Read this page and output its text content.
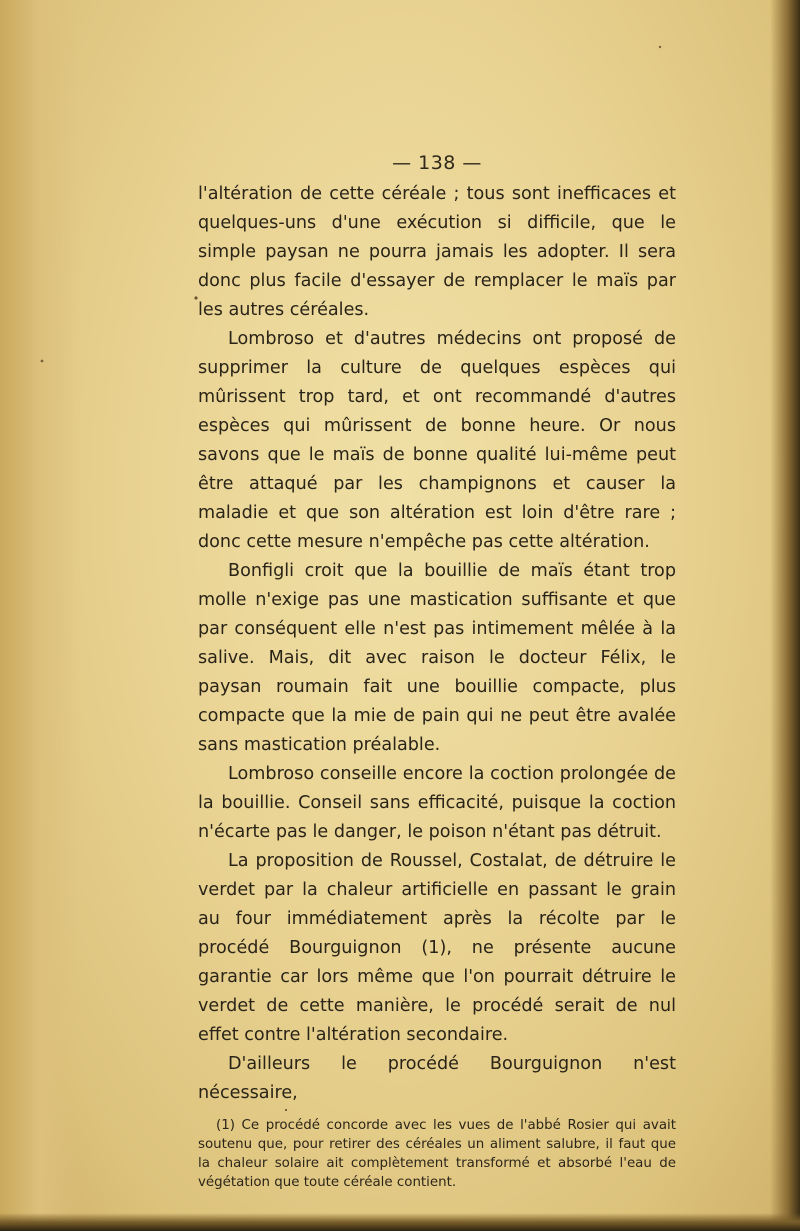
— 138 —

l'altération de cette céréale ; tous sont inefficaces et quelques-uns d'une exécution si difficile, que le simple paysan ne pourra jamais les adopter. Il sera donc plus facile d'essayer de remplacer le maïs par les autres céréales.

Lombroso et d'autres médecins ont proposé de supprimer la culture de quelques espèces qui mûrissent trop tard, et ont recommandé d'autres espèces qui mûrissent de bonne heure. Or nous savons que le maïs de bonne qualité lui-même peut être attaqué par les champignons et causer la maladie et que son altération est loin d'être rare ; donc cette mesure n'empêche pas cette altération.

Bonfigli croit que la bouillie de maïs étant trop molle n'exige pas une mastication suffisante et que par conséquent elle n'est pas intimement mêlée à la salive. Mais, dit avec raison le docteur Félix, le paysan roumain fait une bouillie compacte, plus compacte que la mie de pain qui ne peut être avalée sans mastication préalable.

Lombroso conseille encore la coction prolongée de la bouillie. Conseil sans efficacité, puisque la coction n'écarte pas le danger, le poison n'étant pas détruit.

La proposition de Roussel, Costalat, de détruire le verdet par la chaleur artificielle en passant le grain au four immédiatement après la récolte par le procédé Bourguignon (1), ne présente aucune garantie car lors même que l'on pourrait détruire le verdet de cette manière, le procédé serait de nul effet contre l'altération secondaire.

D'ailleurs le procédé Bourguignon n'est nécessaire,

(1) Ce procédé concorde avec les vues de l'abbé Rosier qui avait soutenu que, pour retirer des céréales un aliment salubre, il faut que la chaleur solaire ait complètement transformé et absorbé l'eau de végétation que toute céréale contient.
